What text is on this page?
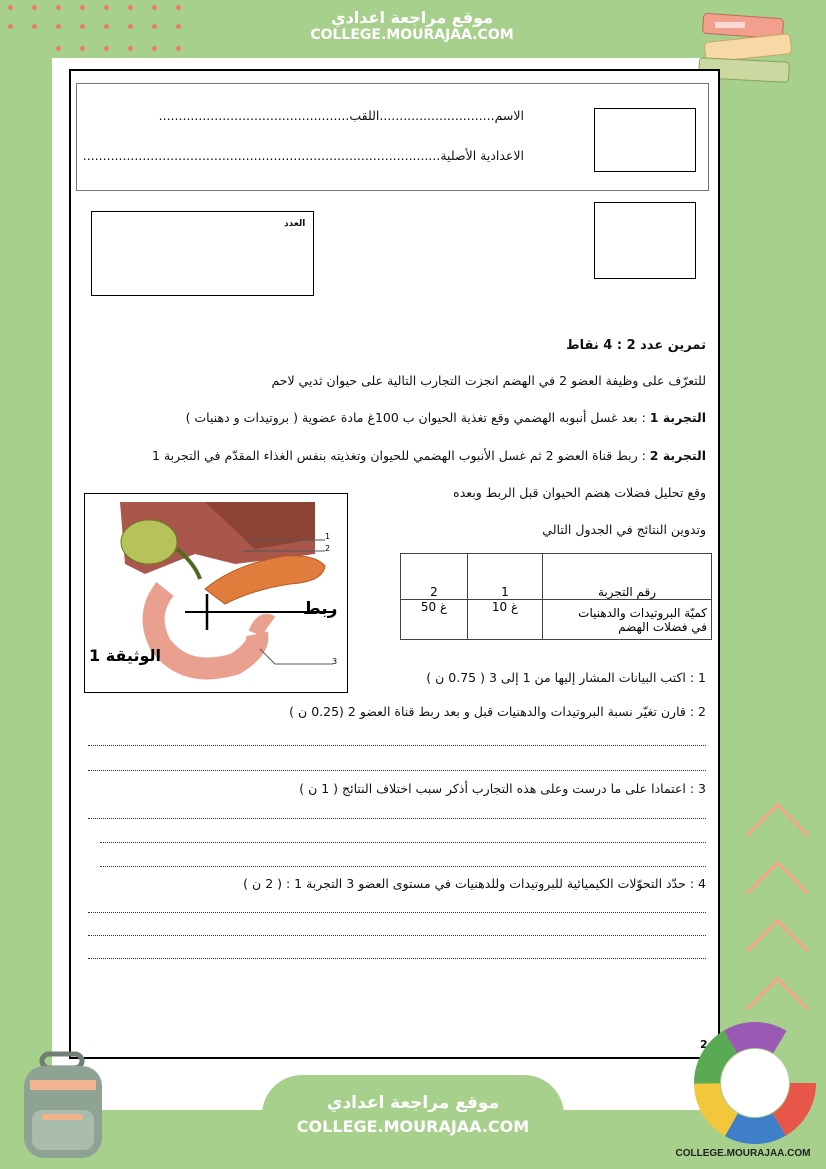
موقع مراجعة اعدادي
COLLEGE.MOURAJAA.COM
الاسم.............................اللقب................................................
الاعدادية الأصلية..........................................................................................
العدد
تمرين عدد 2 : 4 نقاط
للتعرّف على وظيفة العضو 2 في الهضم انجزت التجارب التالية على حيوان ثديي لاحم
التجربة 1 : بعد غسل أنبوبه الهضمي وقع تغذية الحيوان ب 100غ مادة عضوية ( بروتيدات و دهنيات )
التجربة 2 : ربط قناة العضو 2 ثم غسل الأنبوب الهضمي للحيوان وتغذيته بنفس الغذاء المقدّم في التجربة 1
وقع تحليل فضلات هضم الحيوان قبل الربط وبعده
وتدوين النتائج في الجدول التالي
1
2
3
ربط
الوثيقة 1
2	1	رقم التجربة
50 غ	10 غ	كميّة البروتيدات والدهنيات
في فضلات الهضم
1 : اكتب البيانات المشار إليها من 1 إلى 3 ( 0.75 ن )
2 : قارن تغيّر نسبة البروتيدات والدهنيات قبل و بعد ربط قناة العضو 2 (0.25 ن )
3 : اعتمادا على ما درست وعلى هذه التجارب أذكر سبب اختلاف النتائج ( 1 ن )
4 : حدّد التحوّلات الكيميائية للبروتيدات وللدهنيات في مستوى العضو 3 التجربة 1 : ( 2 ن )
2
موقع مراجعة اعدادي
COLLEGE.MOURAJAA.COM
COLLEGE.MOURAJAA.COM
